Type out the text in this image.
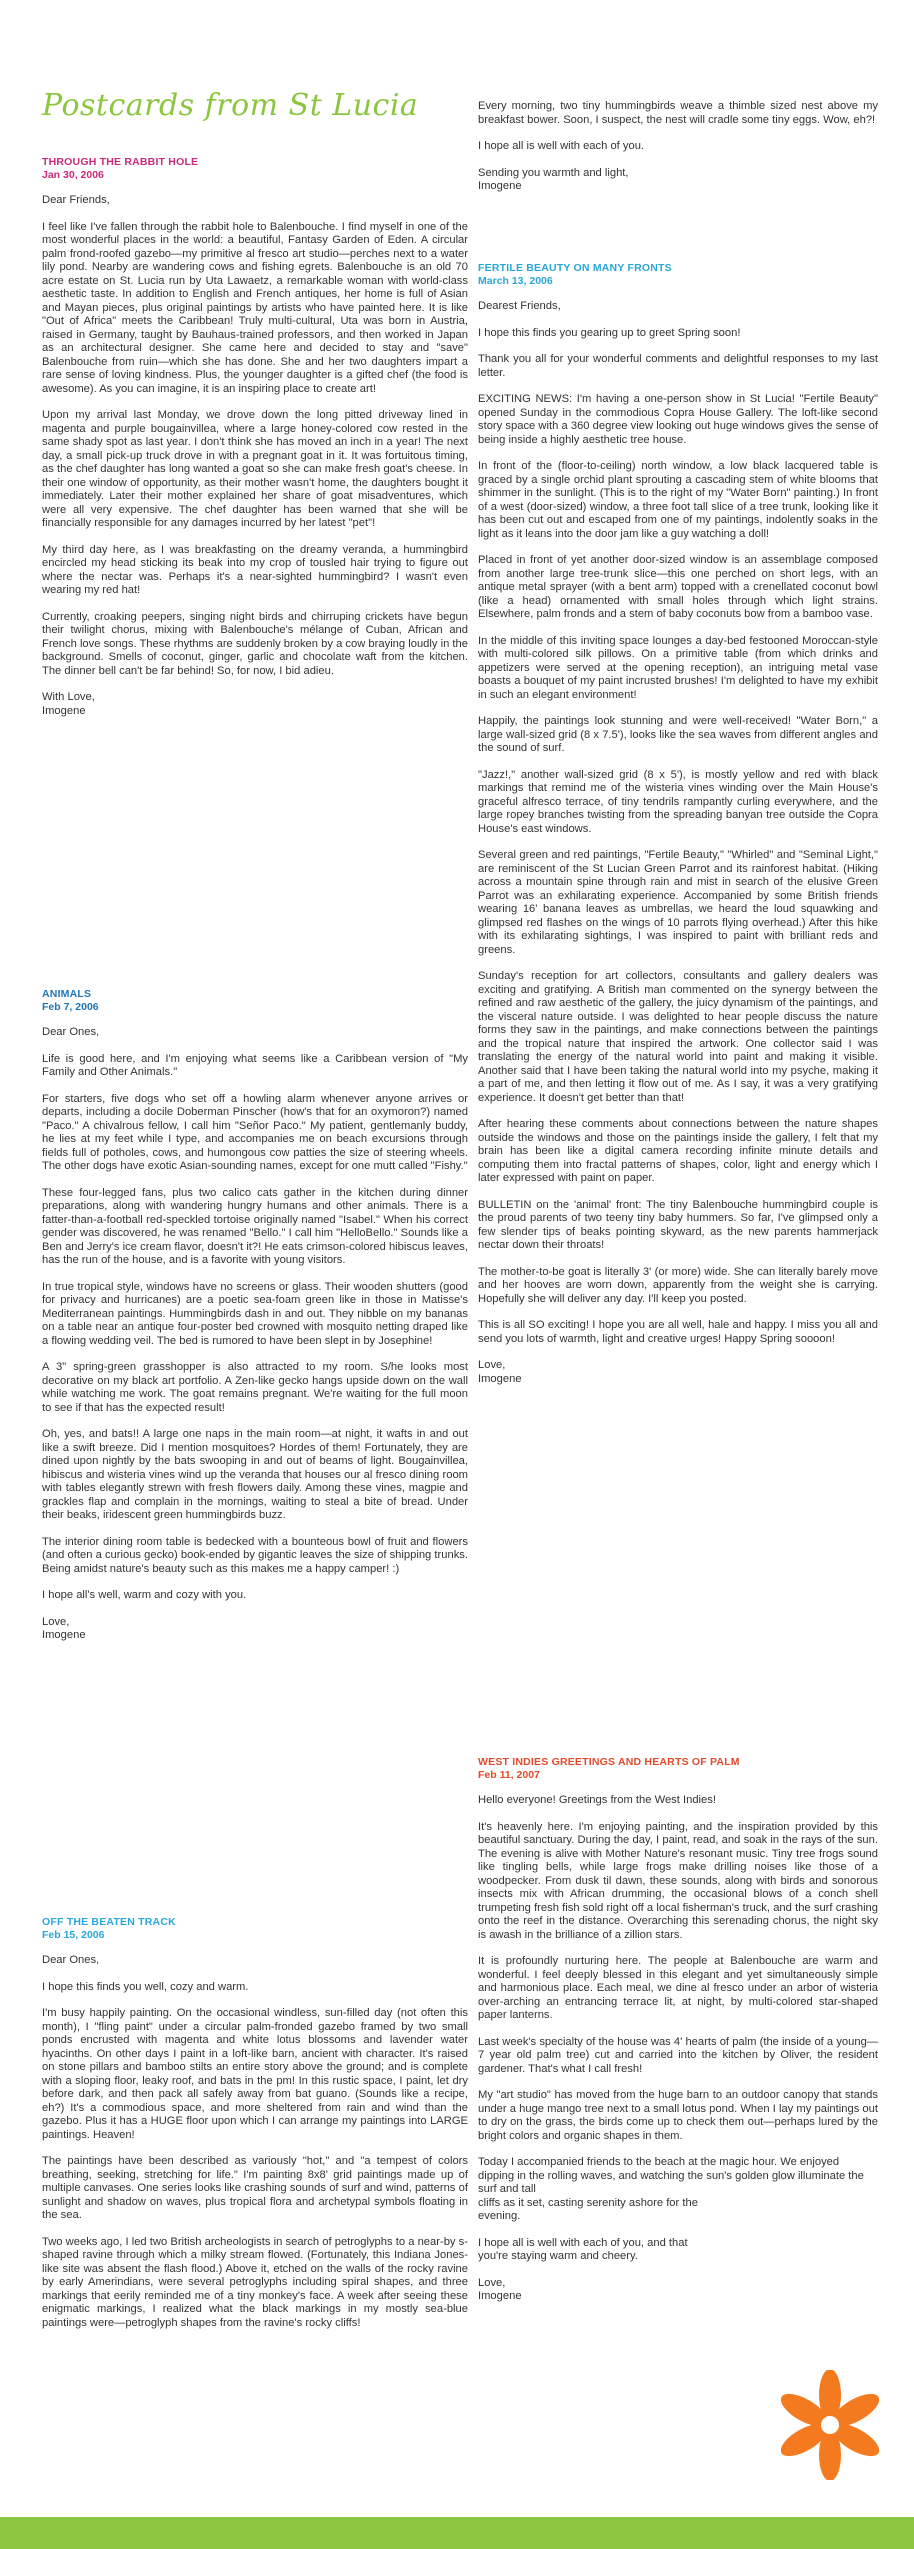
Postcards from St Lucia
THROUGH THE RABBIT HOLE
Jan 30, 2006

Dear Friends,

I feel like I've fallen through the rabbit hole to Balenbouche. I find myself in one of the most wonderful places in the world: a beautiful, Fantasy Garden of Eden. A circular palm frond-roofed gazebo—my primitive al fresco art studio—perches next to a water lily pond. Nearby are wandering cows and fishing egrets. Balenbouche is an old 70 acre estate on St. Lucia run by Uta Lawaetz, a remarkable woman with world-class aesthetic taste. In addition to English and French antiques, her home is full of Asian and Mayan pieces, plus original paintings by artists who have painted here. It is like "Out of Africa" meets the Caribbean! Truly multi-cultural, Uta was born in Austria, raised in Germany, taught by Bauhaus-trained professors, and then worked in Japan as an architectural designer. She came here and decided to stay and "save" Balenbouche from ruin—which she has done. She and her two daughters impart a rare sense of loving kindness. Plus, the younger daughter is a gifted chef (the food is awesome). As you can imagine, it is an inspiring place to create art!

Upon my arrival last Monday, we drove down the long pitted driveway lined in magenta and purple bougainvillea, where a large honey-colored cow rested in the same shady spot as last year. I don't think she has moved an inch in a year! The next day, a small pick-up truck drove in with a pregnant goat in it. It was fortuitous timing, as the chef daughter has long wanted a goat so she can make fresh goat's cheese. In their one window of opportunity, as their mother wasn't home, the daughters bought it immediately. Later their mother explained her share of goat misadventures, which were all very expensive. The chef daughter has been warned that she will be financially responsible for any damages incurred by her latest "pet"!

My third day here, as I was breakfasting on the dreamy veranda, a hummingbird encircled my head sticking its beak into my crop of tousled hair trying to figure out where the nectar was. Perhaps it's a near-sighted hummingbird? I wasn't even wearing my red hat!

Currently, croaking peepers, singing night birds and chirruping crickets have begun their twilight chorus, mixing with Balenbouche's mélange of Cuban, African and French love songs. These rhythms are suddenly broken by a cow braying loudly in the background. Smells of coconut, ginger, garlic and chocolate waft from the kitchen. The dinner bell can't be far behind! So, for now, I bid adieu.

With Love,
Imogene

ANIMALS
Feb 7, 2006

Dear Ones,

Life is good here, and I'm enjoying what seems like a Caribbean version of "My Family and Other Animals."

For starters, five dogs who set off a howling alarm whenever anyone arrives or departs, including a docile Doberman Pinscher (how's that for an oxymoron?) named "Paco." A chivalrous fellow, I call him "Señor Paco." My patient, gentlemanly buddy, he lies at my feet while I type, and accompanies me on beach excursions through fields full of potholes, cows, and humongous cow patties the size of steering wheels. The other dogs have exotic Asian-sounding names, except for one mutt called "Fishy."

These four-legged fans, plus two calico cats gather in the kitchen during dinner preparations, along with wandering hungry humans and other animals. There is a fatter-than-a-football red-speckled tortoise originally named "Isabel." When his correct gender was discovered, he was renamed "Bello." I call him "HelloBello." Sounds like a Ben and Jerry's ice cream flavor, doesn't it?! He eats crimson-colored hibiscus leaves, has the run of the house, and is a favorite with young visitors.

In true tropical style, windows have no screens or glass. Their wooden shutters (good for privacy and hurricanes) are a poetic sea-foam green like in those in Matisse's Mediterranean paintings. Hummingbirds dash in and out. They nibble on my bananas on a table near an antique four-poster bed crowned with mosquito netting draped like a flowing wedding veil. The bed is rumored to have been slept in by Josephine!

A 3" spring-green grasshopper is also attracted to my room. S/he looks most decorative on my black art portfolio. A Zen-like gecko hangs upside down on the wall while watching me work. The goat remains pregnant. We're waiting for the full moon to see if that has the expected result!

Oh, yes, and bats!! A large one naps in the main room—at night, it wafts in and out like a swift breeze. Did I mention mosquitoes? Hordes of them! Fortunately, they are dined upon nightly by the bats swooping in and out of beams of light. Bougainvillea, hibiscus and wisteria vines wind up the veranda that houses our al fresco dining room with tables elegantly strewn with fresh flowers daily. Among these vines, magpie and grackles flap and complain in the mornings, waiting to steal a bite of bread. Under their beaks, iridescent green hummingbirds buzz.

The interior dining room table is bedecked with a bounteous bowl of fruit and flowers (and often a curious gecko) book-ended by gigantic leaves the size of shipping trunks. Being amidst nature's beauty such as this makes me a happy camper! :)

I hope all's well, warm and cozy with you.

Love,
Imogene

OFF THE BEATEN TRACK
Feb 15, 2006

Dear Ones,

I hope this finds you well, cozy and warm.

I'm busy happily painting. On the occasional windless, sun-filled day (not often this month), I "fling paint" under a circular palm-fronded gazebo framed by two small ponds encrusted with magenta and white lotus blossoms and lavender water hyacinths. On other days I paint in a loft-like barn, ancient with character. It's raised on stone pillars and bamboo stilts an entire story above the ground; and is complete with a sloping floor, leaky roof, and bats in the pm! In this rustic space, I paint, let dry before dark, and then pack all safely away from bat guano. (Sounds like a recipe, eh?) It's a commodious space, and more sheltered from rain and wind than the gazebo. Plus it has a HUGE floor upon which I can arrange my paintings into LARGE paintings. Heaven!

The paintings have been described as variously "hot," and "a tempest of colors breathing, seeking, stretching for life." I'm painting 8x8' grid paintings made up of multiple canvases. One series looks like crashing sounds of surf and wind, patterns of sunlight and shadow on waves, plus tropical flora and archetypal symbols floating in the sea.

Two weeks ago, I led two British archeologists in search of petroglyphs to a near-by s-shaped ravine through which a milky stream flowed. (Fortunately, this Indiana Jones-like site was absent the flash flood.) Above it, etched on the walls of the rocky ravine by early Amerindians, were several petroglyphs including spiral shapes, and three markings that eerily reminded me of a tiny monkey's face. A week after seeing these enigmatic markings, I realized what the black markings in my mostly sea-blue paintings were—petroglyph shapes from the ravine's rocky cliffs!

Every morning, two tiny hummingbirds weave a thimble sized nest above my breakfast bower. Soon, I suspect, the nest will cradle some tiny eggs. Wow, eh?!

I hope all is well with each of you.

Sending you warmth and light,
Imogene

FERTILE BEAUTY ON MANY FRONTS
March 13, 2006

Dearest Friends,

I hope this finds you gearing up to greet Spring soon!

Thank you all for your wonderful comments and delightful responses to my last letter.

EXCITING NEWS: I'm having a one-person show in St Lucia! "Fertile Beauty" opened Sunday in the commodious Copra House Gallery. The loft-like second story space with a 360 degree view looking out huge windows gives the sense of being inside a highly aesthetic tree house.

In front of the (floor-to-ceiling) north window, a low black lacquered table is graced by a single orchid plant sprouting a cascading stem of white blooms that shimmer in the sunlight. (This is to the right of my "Water Born" painting.) In front of a west (door-sized) window, a three foot tall slice of a tree trunk, looking like it has been cut out and escaped from one of my paintings, indolently soaks in the light as it leans into the door jam like a guy watching a doll!

Placed in front of yet another door-sized window is an assemblage composed from another large tree-trunk slice—this one perched on short legs, with an antique metal sprayer (with a bent arm) topped with a crenellated coconut bowl (like a head) ornamented with small holes through which light strains. Elsewhere, palm fronds and a stem of baby coconuts bow from a bamboo vase.

In the middle of this inviting space lounges a day-bed festooned Moroccan-style with multi-colored silk pillows. On a primitive table (from which drinks and appetizers were served at the opening reception), an intriguing metal vase boasts a bouquet of my paint incrusted brushes! I'm delighted to have my exhibit in such an elegant environment!

Happily, the paintings look stunning and were well-received! "Water Born," a large wall-sized grid (8 x 7.5'), looks like the sea waves from different angles and the sound of surf.

"Jazz!," another wall-sized grid (8 x 5'), is mostly yellow and red with black markings that remind me of the wisteria vines winding over the Main House's graceful alfresco terrace, of tiny tendrils rampantly curling everywhere, and the large ropey branches twisting from the spreading banyan tree outside the Copra House's east windows.

Several green and red paintings, "Fertile Beauty," "Whirled" and "Seminal Light," are reminiscent of the St Lucian Green Parrot and its rainforest habitat. (Hiking across a mountain spine through rain and mist in search of the elusive Green Parrot was an exhilarating experience. Accompanied by some British friends wearing 16' banana leaves as umbrellas, we heard the loud squawking and glimpsed red flashes on the wings of 10 parrots flying overhead.) After this hike with its exhilarating sightings, I was inspired to paint with brilliant reds and greens.

Sunday's reception for art collectors, consultants and gallery dealers was exciting and gratifying. A British man commented on the synergy between the refined and raw aesthetic of the gallery, the juicy dynamism of the paintings, and the visceral nature outside. I was delighted to hear people discuss the nature forms they saw in the paintings, and make connections between the paintings and the tropical nature that inspired the artwork. One collector said I was translating the energy of the natural world into paint and making it visible. Another said that I have been taking the natural world into my psyche, making it a part of me, and then letting it flow out of me. As I say, it was a very gratifying experience. It doesn't get better than that!

After hearing these comments about connections between the nature shapes outside the windows and those on the paintings inside the gallery, I felt that my brain has been like a digital camera recording infinite minute details and computing them into fractal patterns of shapes, color, light and energy which I later expressed with paint on paper.

BULLETIN on the 'animal' front: The tiny Balenbouche hummingbird couple is the proud parents of two teeny tiny baby hummers. So far, I've glimpsed only a few slender tips of beaks pointing skyward, as the new parents hammerjack nectar down their throats!

The mother-to-be goat is literally 3' (or more) wide. She can literally barely move and her hooves are worn down, apparently from the weight she is carrying. Hopefully she will deliver any day. I'll keep you posted.

This is all SO exciting! I hope you are all well, hale and happy. I miss you all and send you lots of warmth, light and creative urges! Happy Spring soooon!

Love,
Imogene

WEST INDIES GREETINGS AND HEARTS OF PALM
Feb 11, 2007

Hello everyone! Greetings from the West Indies!

It's heavenly here. I'm enjoying painting, and the inspiration provided by this beautiful sanctuary. During the day, I paint, read, and soak in the rays of the sun. The evening is alive with Mother Nature's resonant music. Tiny tree frogs sound like tingling bells, while large frogs make drilling noises like those of a woodpecker. From dusk til dawn, these sounds, along with birds and sonorous insects mix with African drumming, the occasional blows of a conch shell trumpeting fresh fish sold right off a local fisherman's truck, and the surf crashing onto the reef in the distance. Overarching this serenading chorus, the night sky is awash in the brilliance of a zillion stars.

It is profoundly nurturing here. The people at Balenbouche are warm and wonderful. I feel deeply blessed in this elegant and yet simultaneously simple and harmonious place. Each meal, we dine al fresco under an arbor of wisteria over-arching an entrancing terrace lit, at night, by multi-colored star-shaped paper lanterns.

Last week's specialty of the house was 4' hearts of palm (the inside of a young—7 year old palm tree) cut and carried into the kitchen by Oliver, the resident gardener. That's what I call fresh!

My "art studio" has moved from the huge barn to an outdoor canopy that stands under a huge mango tree next to a small lotus pond. When I lay my paintings out to dry on the grass, the birds come up to check them out—perhaps lured by the bright colors and organic shapes in them.

Today I accompanied friends to the beach at the magic hour. We enjoyed dipping in the rolling waves, and watching the sun's golden glow illuminate the surf and tall
cliffs as it set, casting serenity ashore for the
evening.

I hope all is well with each of you, and that
you're staying warm and cheery.

Love,
Imogene
